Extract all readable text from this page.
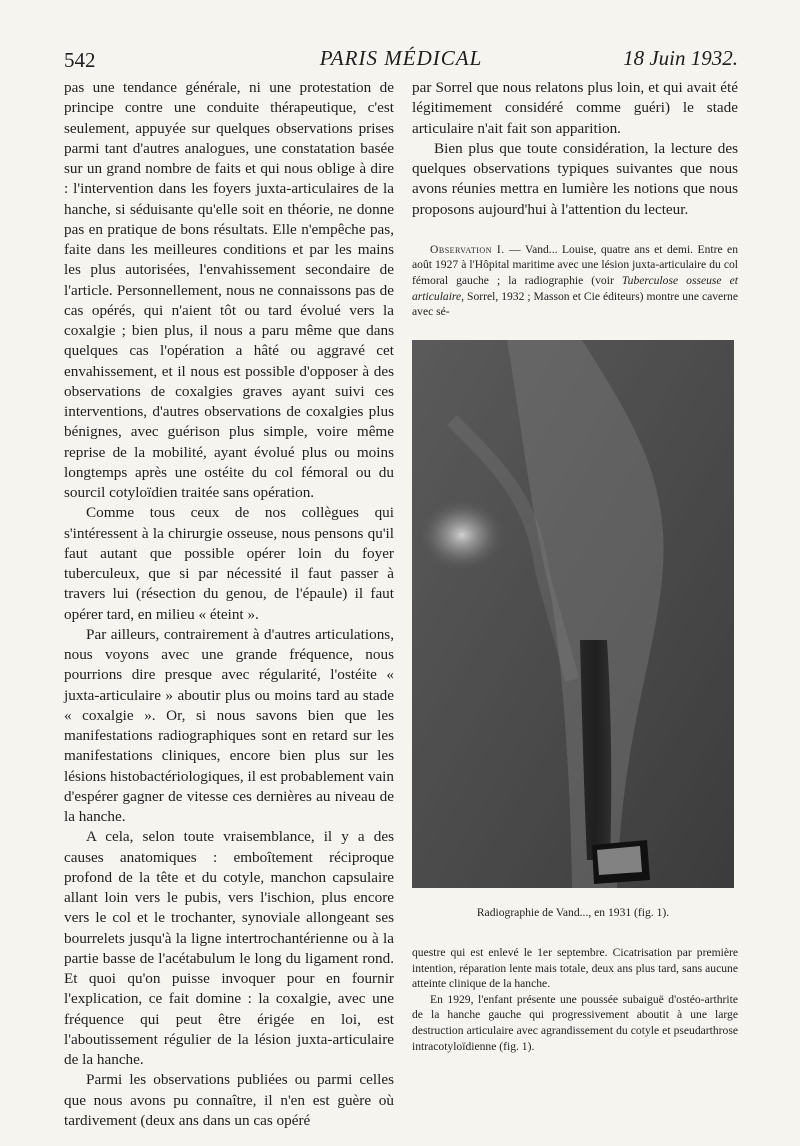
542	PARIS MÉDICAL	18 Juin 1932.

pas une tendance générale, ni une protestation de principe contre une conduite thérapeutique, c'est seulement, appuyée sur quelques observations prises parmi tant d'autres analogues, une constatation basée sur un grand nombre de faits et qui nous oblige à dire : l'intervention dans les foyers juxta-articulaires de la hanche, si séduisante qu'elle soit en théorie, ne donne pas en pratique de bons résultats. Elle n'empêche pas, faite dans les meilleures conditions et par les mains les plus autorisées, l'envahissement secondaire de l'article. Personnellement, nous ne connaissons pas de cas opérés, qui n'aient tôt ou tard évolué vers la coxalgie ; bien plus, il nous a paru même que dans quelques cas l'opération a hâté ou aggravé cet envahissement, et il nous est possible d'opposer à des observations de coxalgies graves ayant suivi ces interventions, d'autres observations de coxalgies plus bénignes, avec guérison plus simple, voire même reprise de la mobilité, ayant évolué plus ou moins longtemps après une ostéite du col fémoral ou du sourcil cotyloïdien traitée sans opération.

Comme tous ceux de nos collègues qui s'intéressent à la chirurgie osseuse, nous pensons qu'il faut autant que possible opérer loin du foyer tuberculeux, que si par nécessité il faut passer à travers lui (résection du genou, de l'épaule) il faut opérer tard, en milieu « éteint ».

Par ailleurs, contrairement à d'autres articulations, nous voyons avec une grande fréquence, nous pourrions dire presque avec régularité, l'ostéite « juxta-articulaire » aboutir plus ou moins tard au stade « coxalgie ». Or, si nous savons bien que les manifestations radiographiques sont en retard sur les manifestations cliniques, encore bien plus sur les lésions histobactériologiques, il est probablement vain d'espérer gagner de vitesse ces dernières au niveau de la hanche.

A cela, selon toute vraisemblance, il y a des causes anatomiques : emboîtement réciproque profond de la tête et du cotyle, manchon capsulaire allant loin vers le pubis, vers l'ischion, plus encore vers le col et le trochanter, synoviale allongeant ses bourrelets jusqu'à la ligne intertrochantérienne ou à la partie basse de l'acétabulum le long du ligament rond. Et quoi qu'on puisse invoquer pour en fournir l'explication, ce fait domine : la coxalgie, avec une fréquence qui peut être érigée en loi, est l'aboutissement régulier de la lésion juxta-articulaire de la hanche.

Parmi les observations publiées ou parmi celles que nous avons pu connaître, il n'en est guère où tardivement (deux ans dans un cas opéré

par Sorrel que nous relatons plus loin, et qui avait été légitimement considéré comme guéri) le stade articulaire n'ait fait son apparition.

Bien plus que toute considération, la lecture des quelques observations typiques suivantes que nous avons réunies mettra en lumière les notions que nous proposons aujourd'hui à l'attention du lecteur.

Observation I. — Vand... Louise, quatre ans et demi. Entre en août 1927 à l'Hôpital maritime avec une lésion juxta-articulaire du col fémoral gauche ; la radiographie (voir Tuberculose osseuse et articulaire, Sorrel, 1932 ; Masson et Cie éditeurs) montre une caverne avec sé-

Radiographie de Vand..., en 1931 (fig. 1).

questre qui est enlevé le 1er septembre. Cicatrisation par première intention, réparation lente mais totale, deux ans plus tard, sans aucune atteinte clinique de la hanche.

En 1929, l'enfant présente une poussée subaiguë d'ostéo-arthrite de la hanche gauche qui progressivement aboutit à une large destruction articulaire avec agrandissement du cotyle et pseudarthrose intracotyloïdienne (fig. 1).
